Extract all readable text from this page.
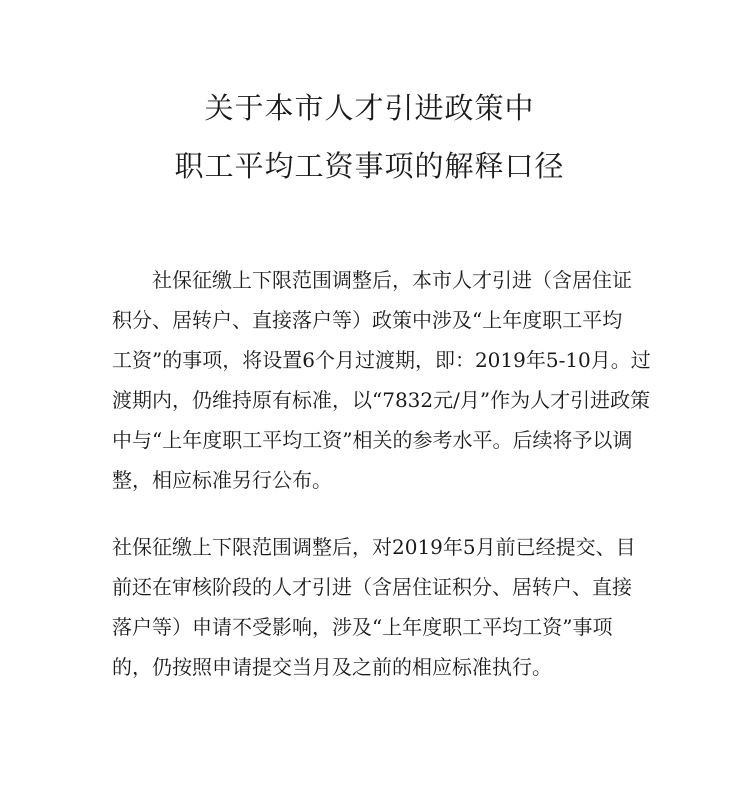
关于本市人才引进政策中
职工平均工资事项的解释口径
社保征缴上下限范围调整后，本市人才引进（含居住证
积分、居转户、直接落户等）政策中涉及“上年度职工平均
工资”的事项，将设置6个月过渡期，即：2019年5-10月。过
渡期内，仍维持原有标准，以“7832元/月”作为人才引进政策
中与“上年度职工平均工资”相关的参考水平。后续将予以调
整，相应标准另行公布。
社保征缴上下限范围调整后，对2019年5月前已经提交、目
前还在审核阶段的人才引进（含居住证积分、居转户、直接
落户等）申请不受影响，涉及“上年度职工平均工资”事项
的，仍按照申请提交当月及之前的相应标准执行。
